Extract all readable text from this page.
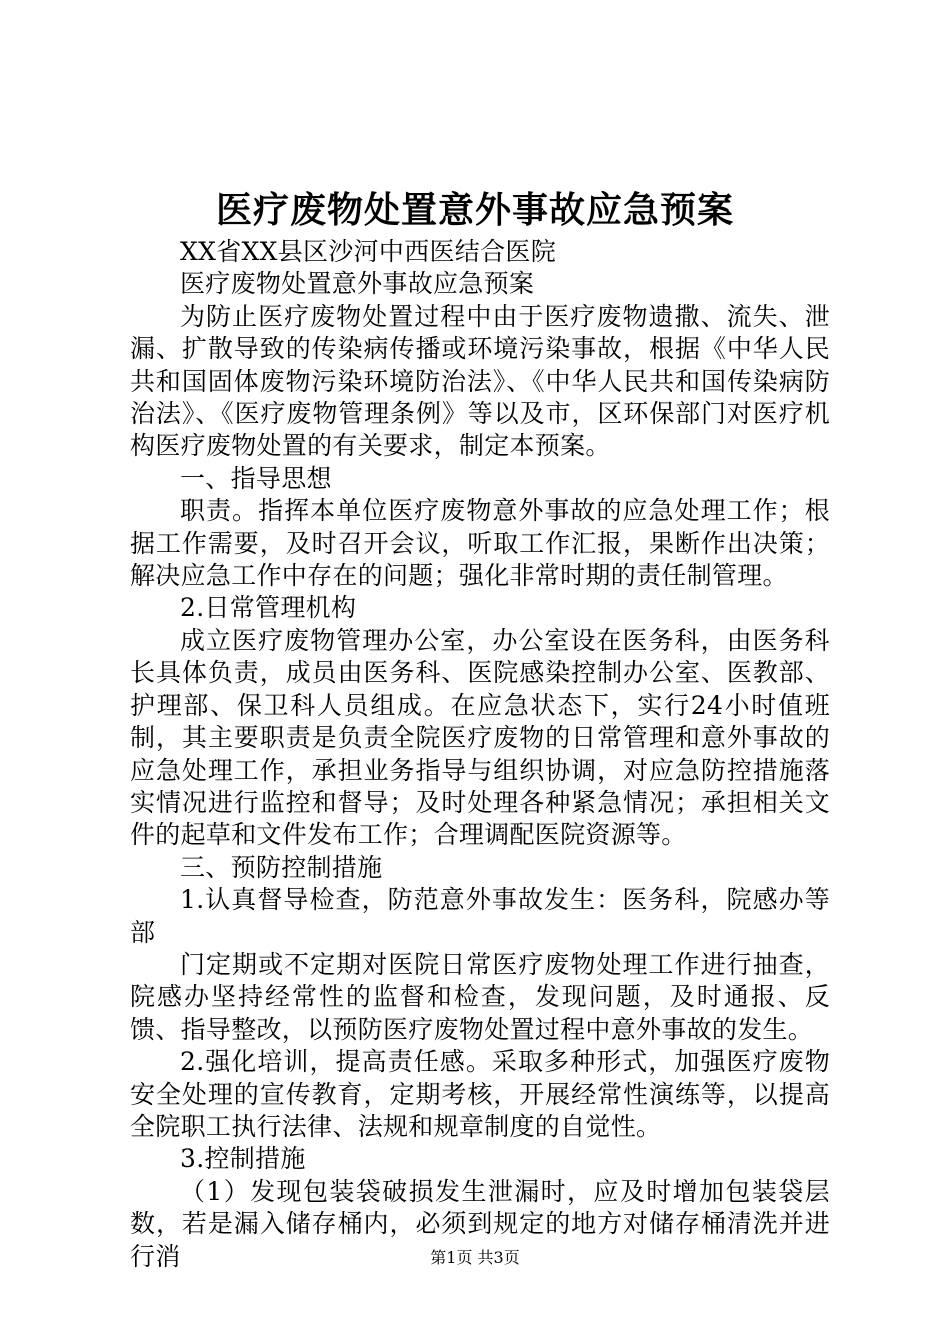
医疗废物处置意外事故应急预案

XX省XX县区沙河中西医结合医院

医疗废物处置意外事故应急预案

为防止医疗废物处置过程中由于医疗废物遗撒、流失、泄漏、扩散导致的传染病传播或环境污染事故，根据《中华人民共和国固体废物污染环境防治法》、《中华人民共和国传染病防治法》、《医疗废物管理条例》等以及市，区环保部门对医疗机构医疗废物处置的有关要求，制定本预案。

一、指导思想

职责。指挥本单位医疗废物意外事故的应急处理工作；根据工作需要，及时召开会议，听取工作汇报，果断作出决策；解决应急工作中存在的问题；强化非常时期的责任制管理。

2.日常管理机构

成立医疗废物管理办公室，办公室设在医务科，由医务科长具体负责，成员由医务科、医院感染控制办公室、医教部、护理部、保卫科人员组成。在应急状态下，实行24小时值班制，其主要职责是负责全院医疗废物的日常管理和意外事故的应急处理工作，承担业务指导与组织协调，对应急防控措施落实情况进行监控和督导；及时处理各种紧急情况；承担相关文件的起草和文件发布工作；合理调配医院资源等。

三、预防控制措施

1.认真督导检查，防范意外事故发生：医务科，院感办等部

门定期或不定期对医院日常医疗废物处理工作进行抽查，院感办坚持经常性的监督和检查，发现问题，及时通报、反馈、指导整改，以预防医疗废物处置过程中意外事故的发生。

2.强化培训，提高责任感。采取多种形式，加强医疗废物安全处理的宣传教育，定期考核，开展经常性演练等，以提高全院职工执行法律、法规和规章制度的自觉性。

3.控制措施

（1）发现包装袋破损发生泄漏时，应及时增加包装袋层数，若是漏入储存桶内，必须到规定的地方对储存桶清洗并进行消	第1页 共3页
